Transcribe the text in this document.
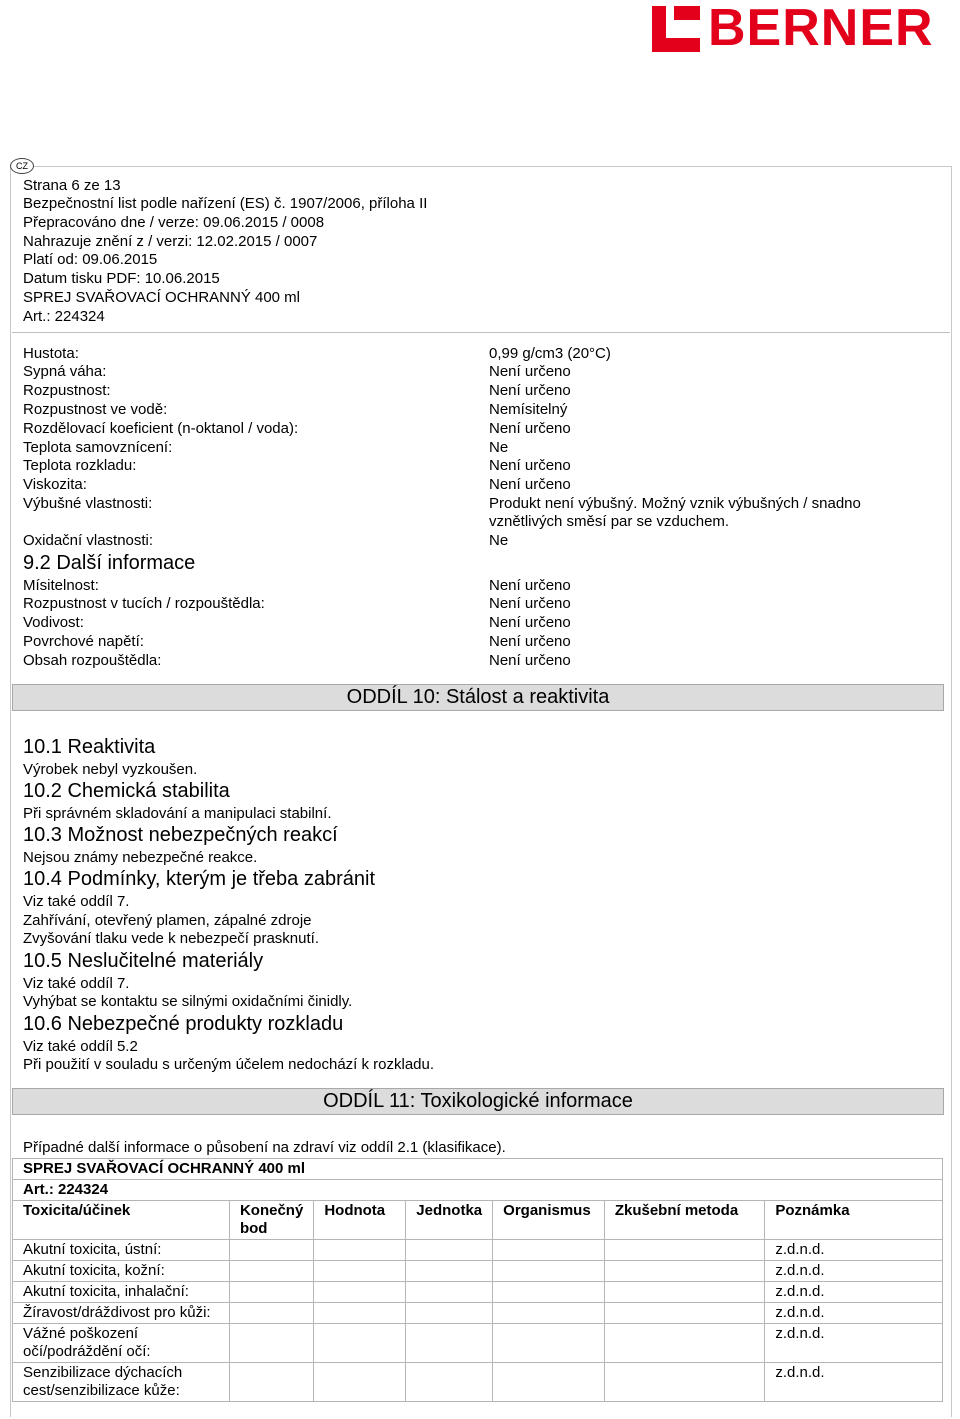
BERNER
CZ
Strana 6 ze 13
Bezpečnostní list podle nařízení (ES) č. 1907/2006, příloha II
Přepracováno dne / verze: 09.06.2015 / 0008
Nahrazuje znění z / verzi: 12.02.2015 / 0007
Platí od: 09.06.2015
Datum tisku PDF: 10.06.2015
SPREJ SVAŘOVACÍ OCHRANNÝ 400 ml
Art.: 224324
Hustota:	0,99 g/cm3 (20°C)
Sypná váha:	Není určeno
Rozpustnost:	Není určeno
Rozpustnost ve vodě:	Nemísitelný
Rozdělovací koeficient (n-oktanol / voda):	Není určeno
Teplota samovznícení:	Ne
Teplota rozkladu:	Není určeno
Viskozita:	Není určeno
Výbušné vlastnosti:	Produkt není výbušný. Možný vznik výbušných / snadno vznětlivých směsí par se vzduchem.
Oxidační vlastnosti:	Ne
9.2 Další informace
Mísitelnost:	Není určeno
Rozpustnost v tucích / rozpouštědla:	Není určeno
Vodivost:	Není určeno
Povrchové napětí:	Není určeno
Obsah rozpouštědla:	Není určeno
ODDÍL 10: Stálost a reaktivita
10.1 Reaktivita
Výrobek nebyl vyzkoušen.
10.2 Chemická stabilita
Při správném skladování a manipulaci stabilní.
10.3 Možnost nebezpečných reakcí
Nejsou známy nebezpečné reakce.
10.4 Podmínky, kterým je třeba zabránit
Viz také oddíl 7.
Zahřívání, otevřený plamen, zápalné zdroje
Zvyšování tlaku vede k nebezpečí prasknutí.
10.5 Neslučitelné materiály
Viz také oddíl 7.
Vyhýbat se kontaktu se silnými oxidačními činidly.
10.6 Nebezpečné produkty rozkladu
Viz také oddíl 5.2
Při použití v souladu s určeným účelem nedochází k rozkladu.
ODDÍL 11: Toxikologické informace
Případné další informace o působení na zdraví viz oddíl 2.1 (klasifikace).
SPREJ SVAŘOVACÍ OCHRANNÝ 400 ml						
Art.: 224324						
Toxicita/účinek	Konečný bod	Hodnota	Jednotka	Organismus	Zkušební metoda	Poznámka
Akutní toxicita, ústní:						z.d.n.d.
Akutní toxicita, kožní:						z.d.n.d.
Akutní toxicita, inhalační:						z.d.n.d.
Žíravost/dráždivost pro kůži:						z.d.n.d.
Vážné poškození očí/podráždění očí:						z.d.n.d.
Senzibilizace dýchacích cest/senzibilizace kůže:						z.d.n.d.
